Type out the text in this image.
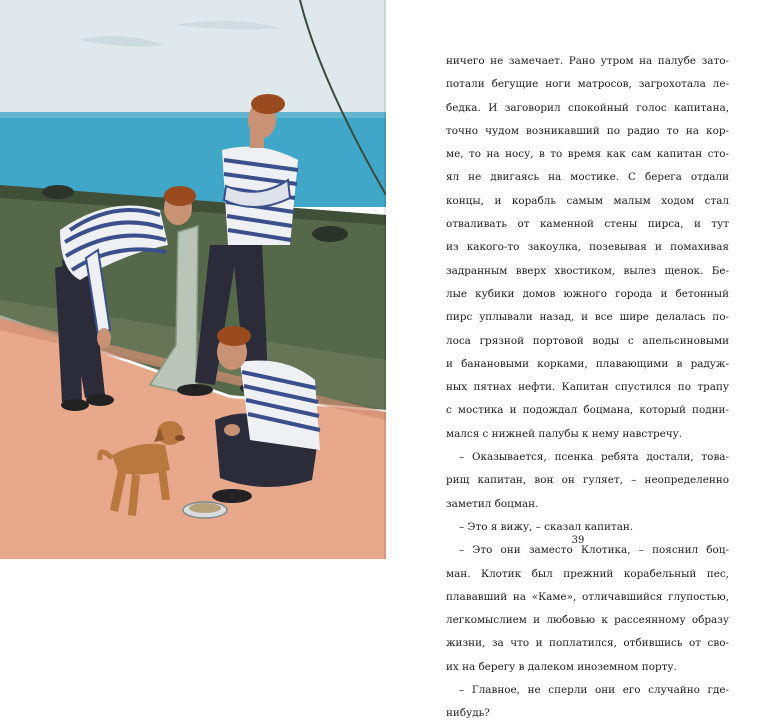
ничего не замечает. Рано утром на палубе зато-
потали бегущие ноги матросов, загрохотала ле-
бедка. И заговорил спокойный голос капитана,
точно чудом возникавший по радио то на кор-
ме, то на носу, в то время как сам капитан сто-
ял не двигаясь на мостике. С берега отдали
концы, и корабль самым малым ходом стал
отваливать от каменной стены пирса, и тут
из какого-то закоулка, позевывая и помахивая
задранным вверх хвостиком, вылез щенок. Бе-
лые кубики домов южного города и бетонный
пирс уплывали назад, и все шире делалась по-
лоса грязной портовой воды с апельсиновыми
и банановыми корками, плавающими в радуж-
ных пятнах нефти. Капитан спустился по трапу
с мостика и подождал боцмана, который подни-
мался с нижней палубы к нему навстречу.
– Оказывается, псенка ребята достали, това-
рищ капитан, вон он гуляет, – неопределенно
заметил боцман.
– Это я вижу, – сказал капитан.
– Это они заместо Клотика, – пояснил боц-
ман. Клотик был прежний корабельный пес,
плававший на «Каме», отличавшийся глупостью,
легкомыслием и любовью к рассеянному образу
жизни, за что и поплатился, отбившись от сво-
их на берегу в далеком иноземном порту.
– Главное, не сперли они его случайно где-
нибудь?
39
